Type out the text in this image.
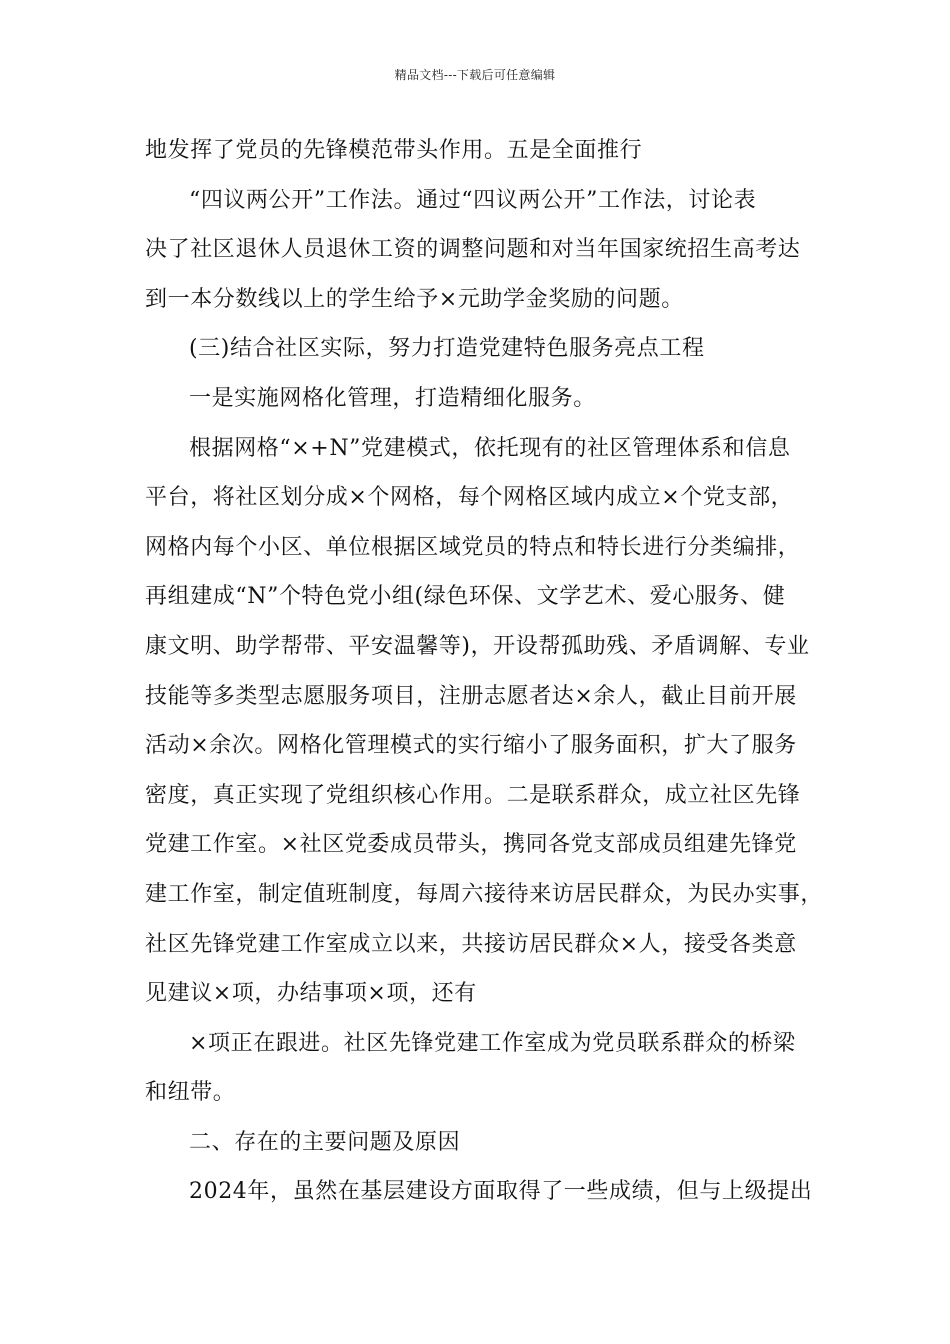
精品文档---下载后可任意编辑
地发挥了党员的先锋模范带头作用。五是全面推行
“四议两公开”工作法。通过“四议两公开”工作法，讨论表
决了社区退休人员退休工资的调整问题和对当年国家统招生高考达
到一本分数线以上的学生给予×元助学金奖励的问题。
(三)结合社区实际，努力打造党建特色服务亮点工程
一是实施网格化管理，打造精细化服务。
根据网格“×+N”党建模式，依托现有的社区管理体系和信息
平台，将社区划分成×个网格，每个网格区域内成立×个党支部，
网格内每个小区、单位根据区域党员的特点和特长进行分类编排，
再组建成“N”个特色党小组(绿色环保、文学艺术、爱心服务、健
康文明、助学帮带、平安温馨等)，开设帮孤助残、矛盾调解、专业
技能等多类型志愿服务项目，注册志愿者达×余人，截止目前开展
活动×余次。网格化管理模式的实行缩小了服务面积，扩大了服务
密度，真正实现了党组织核心作用。二是联系群众，成立社区先锋
党建工作室。×社区党委成员带头，携同各党支部成员组建先锋党
建工作室，制定值班制度，每周六接待来访居民群众，为民办实事，
社区先锋党建工作室成立以来，共接访居民群众×人，接受各类意
见建议×项，办结事项×项，还有
×项正在跟进。社区先锋党建工作室成为党员联系群众的桥梁
和纽带。
二、存在的主要问题及原因
2024年，虽然在基层建设方面取得了一些成绩，但与上级提出
